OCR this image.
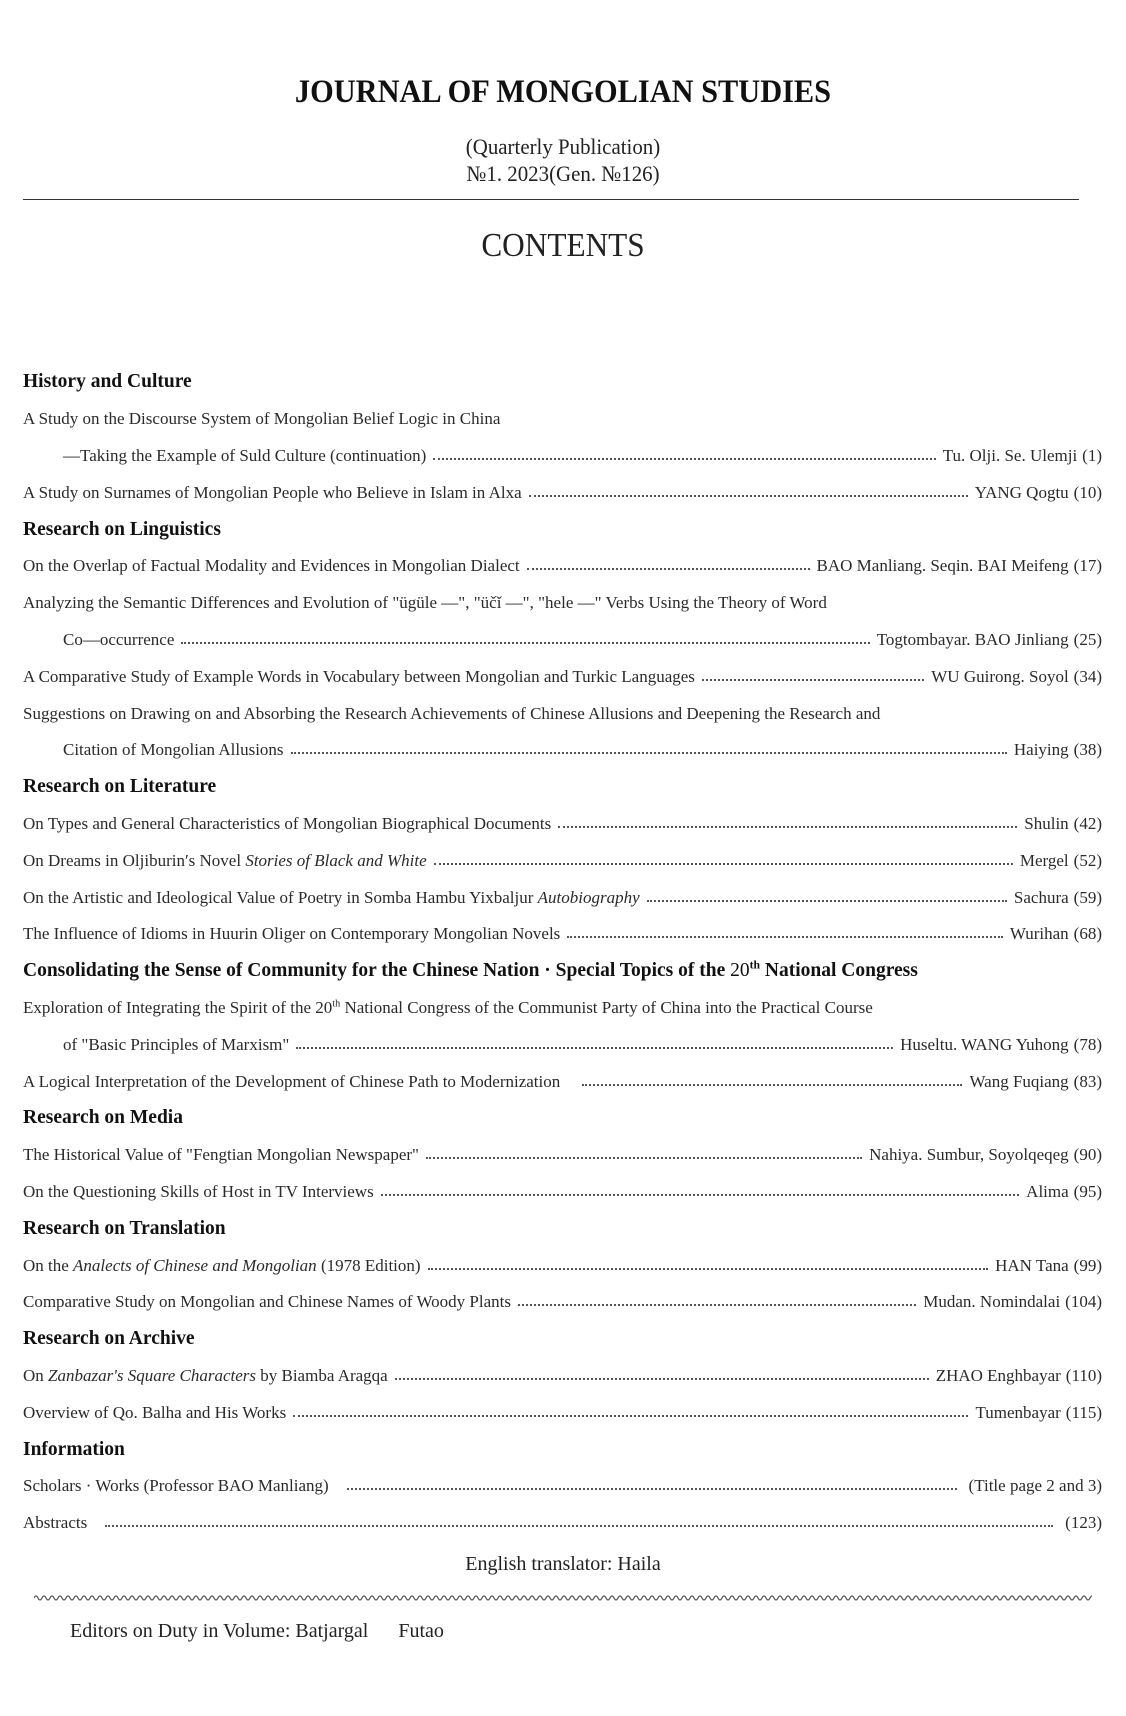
JOURNAL OF MONGOLIAN STUDIES
(Quarterly Publication)
№1. 2023(Gen. №126)
CONTENTS
History and Culture
A Study on the Discourse System of Mongolian Belief Logic in China
—Taking the Example of Suld Culture (continuation)	Tu. Olji. Se. Ulemji (1)
A Study on Surnames of Mongolian People who Believe in Islam in Alxa	YANG Qogtu (10)
Research on Linguistics
On the Overlap of Factual Modality and Evidences in Mongolian Dialect	BAO Manliang. Seqin. BAI Meifeng (17)
Analyzing the Semantic Differences and Evolution of "ügüle —", "üčǐ —", "hele —" Verbs Using the Theory of Word
Co—occurrence	Togtombayar. BAO Jinliang (25)
A Comparative Study of Example Words in Vocabulary between Mongolian and Turkic Languages	WU Guirong. Soyol (34)
Suggestions on Drawing on and Absorbing the Research Achievements of Chinese Allusions and Deepening the Research and
Citation of Mongolian Allusions	Haiying (38)
Research on Literature
On Types and General Characteristics of Mongolian Biographical Documents	Shulin (42)
On Dreams in Oljiburin′s Novel Stories of Black and White	Mergel (52)
On the Artistic and Ideological Value of Poetry in Somba Hambu Yixbaljur Autobiography	Sachura (59)
The Influence of Idioms in Huurin Oliger on Contemporary Mongolian Novels	Wurihan (68)
Consolidating the Sense of Community for the Chinese Nation · Special Topics of the 20th National Congress
Exploration of Integrating the Spirit of the 20th National Congress of the Communist Party of China into the Practical Course
of "Basic Principles of Marxism"	Huseltu. WANG Yuhong (78)
A Logical Interpretation of the Development of Chinese Path to Modernization	Wang Fuqiang (83)
Research on Media
The Historical Value of "Fengtian Mongolian Newspaper"	Nahiya. Sumbur, Soyolqeqeg (90)
On the Questioning Skills of Host in TV Interviews	Alima (95)
Research on Translation
On the Analects of Chinese and Mongolian (1978 Edition)	HAN Tana (99)
Comparative Study on Mongolian and Chinese Names of Woody Plants	Mudan. Nomindalai (104)
Research on Archive
On Zanbazar's Square Characters by Biamba Aragqa	ZHAO Enghbayar (110)
Overview of Qo. Balha and His Works	Tumenbayar (115)
Information
Scholars · Works (Professor BAO Manliang)	(Title page 2 and 3)
Abstracts	(123)
English translator: Haila
Editors on Duty in Volume: Batjargal Futao
